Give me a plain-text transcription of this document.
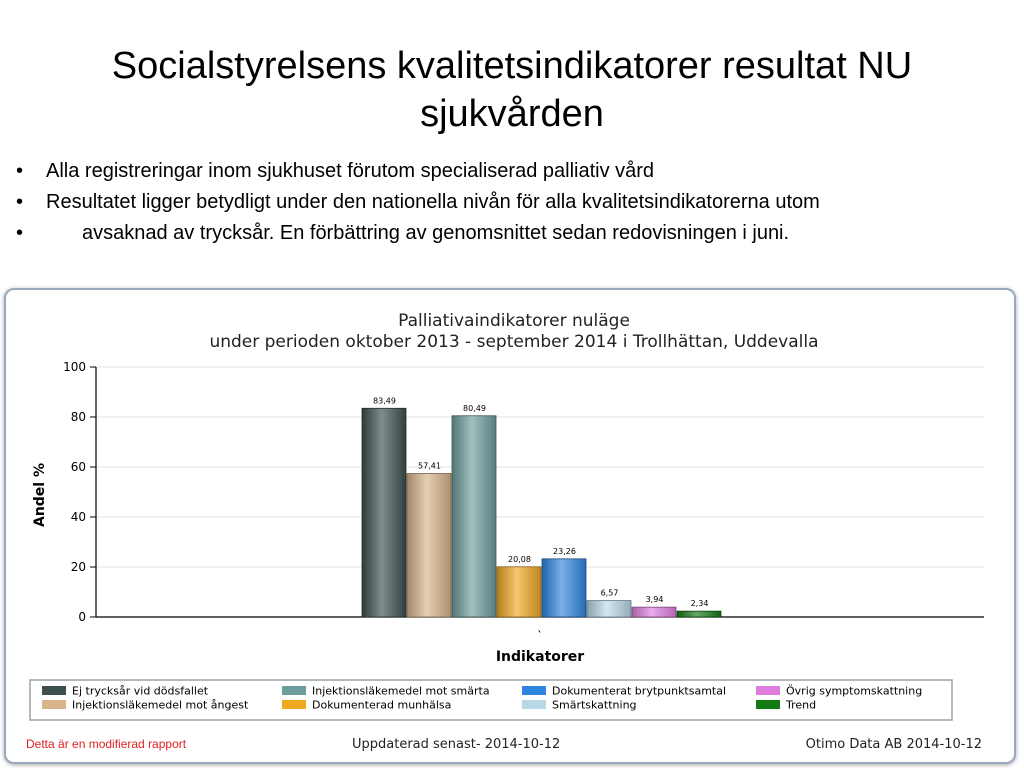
Socialstyrelsens kvalitetsindikatorer resultat NU sjukvården
• Alla registreringar inom sjukhuset förutom specialiserad palliativ vård
• Resultatet ligger betydligt under den nationella nivån för alla kvalitetsindikatorerna utom
•	avsaknad av trycksår. En förbättring av genomsnittet sedan redovisningen i juni.
Palliativaindikatorer nuläge
under perioden oktober 2013 - september 2014 i Trollhättan, Uddevalla
0
20
40
60
80
100
`
83,49
57,41
80,49
20,08
23,26
6,57
3,94	2,34
Indikatorer
Andel %
Ej trycksår vid dödsfallet	Injektionsläkemedel mot smärta	Dokumenterat brytpunktsamtal	Övrig symptomskattning
Injektionsläkemedel mot ångest	Dokumenterad munhälsa	Smärtskattning	Trend
Detta är en modifierad rapport	Uppdaterad senast- 2014-10-12	Otimo Data AB 2014-10-12
